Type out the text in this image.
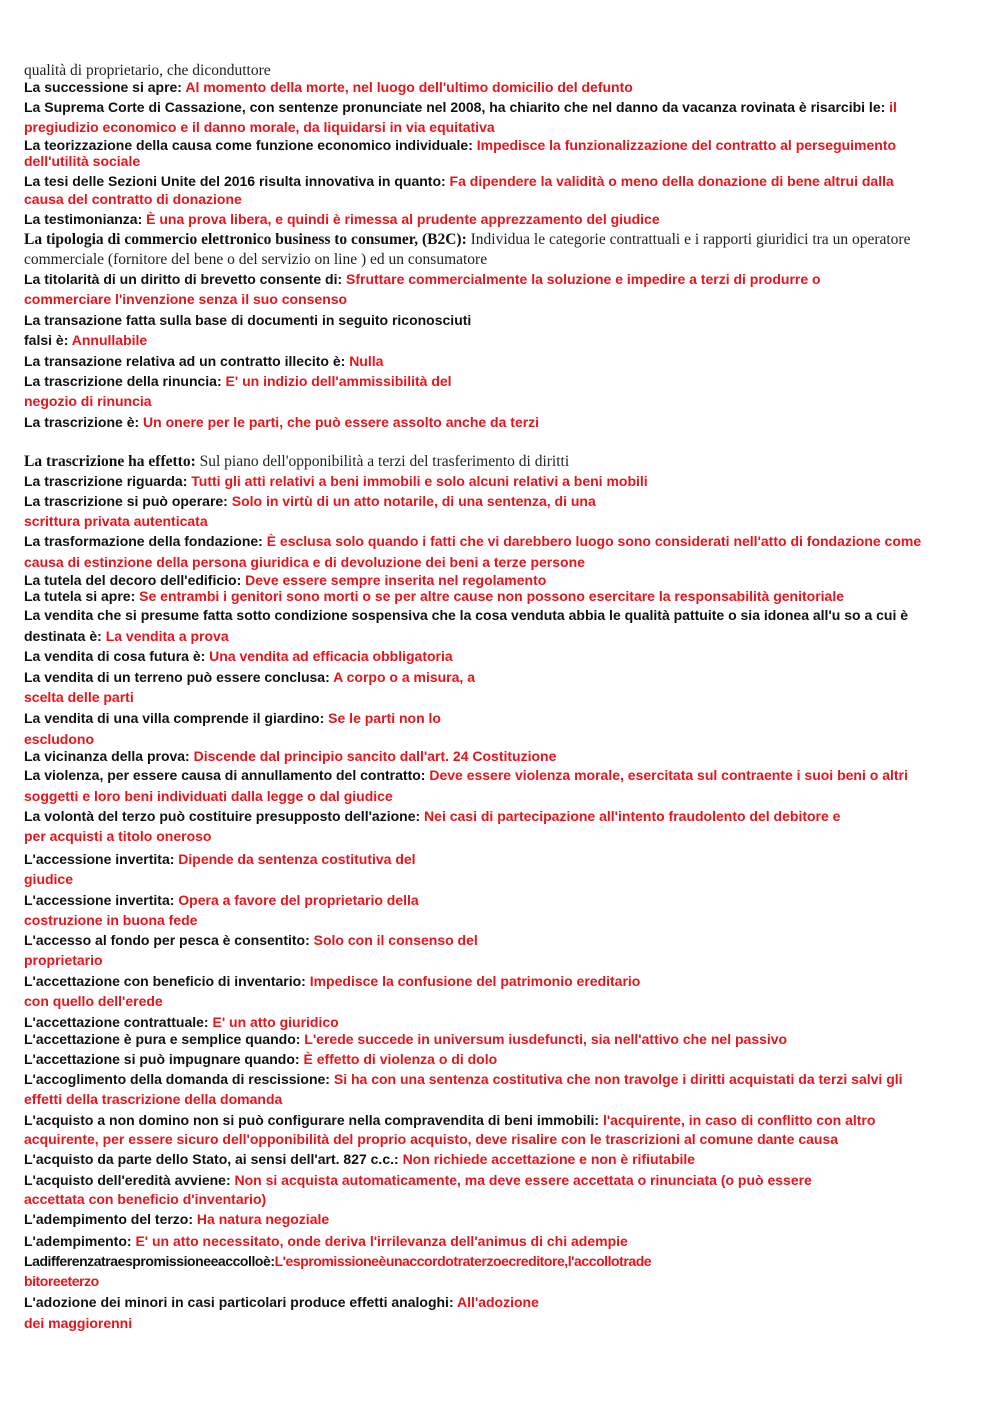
qualità di proprietario, che diconduttore
La successione si apre: Al momento della morte, nel luogo dell'ultimo domicilio del defunto
La Suprema Corte di Cassazione, con sentenze pronunciate nel 2008, ha chiarito che nel danno da vacanza rovinata è risarcibi le: il
pregiudizio economico e il danno morale, da liquidarsi in via equitativa
La teorizzazione della causa come funzione economico individuale: Impedisce la funzionalizzazione del contratto al perseguimento
dell'utilità sociale
La tesi delle Sezioni Unite del 2016 risulta innovativa in quanto: Fa dipendere la validità o meno della donazione di bene altrui dalla
causa del contratto di donazione
La testimonianza: È una prova libera, e quindi è rimessa al prudente apprezzamento del giudice
La tipologia di commercio elettronico business to consumer, (B2C): Individua le categorie contrattuali e i rapporti giuridici tra un operatore
commerciale (fornitore del bene o del servizio on line ) ed un consumatore
La titolarità di un diritto di brevetto consente di: Sfruttare commercialmente la soluzione e impedire a terzi di produrre o
commerciare l'invenzione senza il suo consenso
La transazione fatta sulla base di documenti in seguito riconosciuti
falsi è: Annullabile
La transazione relativa ad un contratto illecito è: Nulla
La trascrizione della rinuncia: E' un indizio dell'ammissibilità del
negozio di rinuncia
La trascrizione è: Un onere per le parti, che può essere assolto anche da terzi
La trascrizione ha effetto: Sul piano dell'opponibilità a terzi del trasferimento di diritti
La trascrizione riguarda: Tutti gli atti relativi a beni immobili e solo alcuni relativi a beni mobili
La trascrizione si può operare: Solo in virtù di un atto notarile, di una sentenza, di una
scrittura privata autenticata
La trasformazione della fondazione: È esclusa solo quando i fatti che vi darebbero luogo sono considerati nell'atto di fondazione come
causa di estinzione della persona giuridica e di devoluzione dei beni a terze persone
La tutela del decoro dell'edificio: Deve essere sempre inserita nel regolamento
La tutela si apre: Se entrambi i genitori sono morti o se per altre cause non possono esercitare la responsabilità genitoriale
La vendita che si presume fatta sotto condizione sospensiva che la cosa venduta abbia le qualità pattuite o sia idonea all'u so a cui è
destinata è: La vendita a prova
La vendita di cosa futura è: Una vendita ad efficacia obbligatoria
La vendita di un terreno può essere conclusa: A corpo o a misura, a
scelta delle parti
La vendita di una villa comprende il giardino: Se le parti non lo
escludono
La vicinanza della prova: Discende dal principio sancito dall'art. 24 Costituzione
La violenza, per essere causa di annullamento del contratto: Deve essere violenza morale, esercitata sul contraente i suoi beni o altri
soggetti e loro beni individuati dalla legge o dal giudice
La volontà del terzo può costituire presupposto dell'azione: Nei casi di partecipazione all'intento fraudolento del debitore e
per acquisti a titolo oneroso
L'accessione invertita: Dipende da sentenza costitutiva del
giudice
L'accessione invertita: Opera a favore del proprietario della
costruzione in buona fede
L'accesso al fondo per pesca è consentito: Solo con il consenso del
proprietario
L'accettazione con beneficio di inventario: Impedisce la confusione del patrimonio ereditario
con quello dell'erede
L'accettazione contrattuale: E' un atto giuridico
L'accettazione è pura e semplice quando: L'erede succede in universum iusdefuncti, sia nell'attivo che nel passivo
L'accettazione si può impugnare quando: È effetto di violenza o di dolo
L'accoglimento della domanda di rescissione: Si ha con una sentenza costitutiva che non travolge i diritti acquistati da terzi salvi gli
effetti della trascrizione della domanda
L'acquisto a non domino non si può configurare nella compravendita di beni immobili: l'acquirente, in caso di conflitto con altro
acquirente, per essere sicuro dell'opponibilità del proprio acquisto, deve risalire con le trascrizioni al comune dante causa
L'acquisto da parte dello Stato, ai sensi dell'art. 827 c.c.: Non richiede accettazione e non è rifiutabile
L'acquisto dell'eredità avviene: Non si acquista automaticamente, ma deve essere accettata o rinunciata (o può essere
accettata con beneficio d'inventario)
L'adempimento del terzo: Ha natura negoziale
L'adempimento: E' un atto necessitato, onde deriva l'irrilevanza dell'animus di chi adempie
Ladifferenzatraespromissioneeaccolloè:L'espromissioneèunaccordotraterzoecreditore,l'accollotrade
bitoreeterzo
L'adozione dei minori in casi particolari produce effetti analoghi: All'adozione
dei maggiorenni
